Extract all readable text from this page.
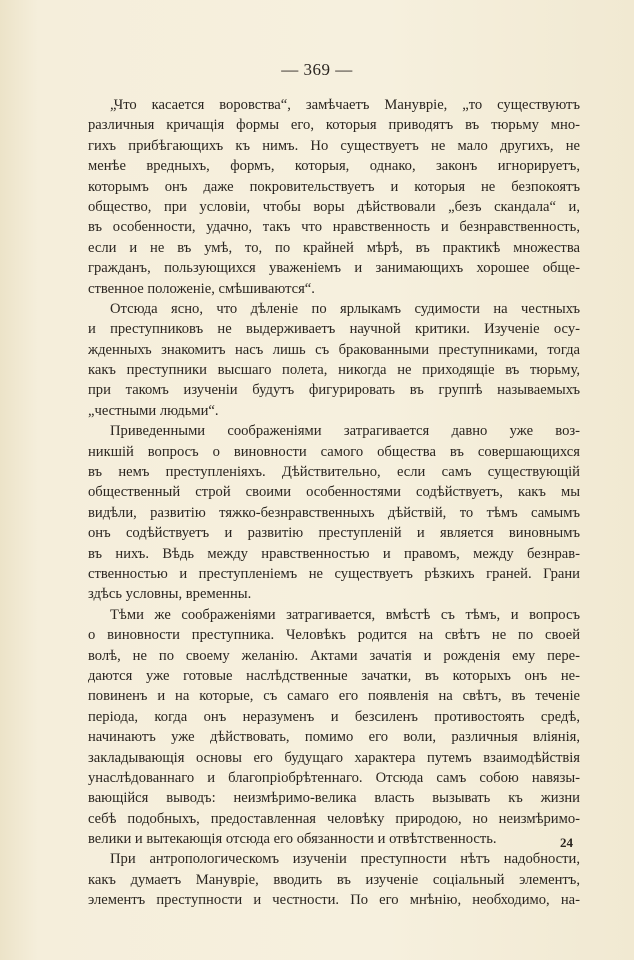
— 369 —
„Что касается воровства“, замѣчаетъ Манувріе, „то существуютъ
различныя кричащія формы его, которыя приводятъ въ тюрьму мно-
гихъ прибѣгающихъ къ нимъ. Но существуетъ не мало другихъ, не
менѣе вредныхъ, формъ, которыя, однако, законъ игнорируетъ,
которымъ онъ даже покровительствуетъ и которыя не безпокоятъ
общество, при условіи, чтобы воры дѣйствовали „безъ скандала“ и,
въ особенности, удачно, такъ что нравственность и безнравственность,
если и не въ умѣ, то, по крайней мѣрѣ, въ практикѣ множества
гражданъ, пользующихся уваженіемъ и занимающихъ хорошее обще-
ственное положеніе, смѣшиваются“.
Отсюда ясно, что дѣленіе по ярлыкамъ судимости на честныхъ
и преступниковъ не выдерживаетъ научной критики. Изученіе осу-
жденныхъ знакомитъ насъ лишь съ бракованными преступниками, тогда
какъ преступники высшаго полета, никогда не приходящіе въ тюрьму,
при такомъ изученіи будутъ фигурировать въ группѣ называемыхъ
„честными людьми“.
Приведенными соображеніями затрагивается давно уже воз-
никшій вопросъ о виновности самого общества въ совершающихся
въ немъ преступленіяхъ. Дѣйствительно, если самъ существующій
общественный строй своими особенностями содѣйствуетъ, какъ мы
видѣли, развитію тяжко-безнравственныхъ дѣйствій, то тѣмъ самымъ
онъ содѣйствуетъ и развитію преступленій и является виновнымъ
въ нихъ. Вѣдь между нравственностью и правомъ, между безнрав-
ственностью и преступленіемъ не существуетъ рѣзкихъ граней. Грани
здѣсь условны, временны.
Тѣми же соображеніями затрагивается, вмѣстѣ съ тѣмъ, и вопросъ
о виновности преступника. Человѣкъ родится на свѣтъ не по своей
волѣ, не по своему желанію. Актами зачатія и рожденія ему пере-
даются уже готовые наслѣдственные зачатки, въ которыхъ онъ не-
повиненъ и на которые, съ самаго его появленія на свѣтъ, въ теченіе
періода, когда онъ неразуменъ и безсиленъ противостоять средѣ,
начинаютъ уже дѣйствовать, помимо его воли, различныя вліянія,
закладывающія основы его будущаго характера путемъ взаимодѣйствія
унаслѣдованнаго и благопріобрѣтеннаго. Отсюда самъ собою навязы-
вающійся выводъ: неизмѣримо-велика власть вызывать къ жизни
себѣ подобныхъ, предоставленная человѣку природою, но неизмѣримо-
велики и вытекающія отсюда его обязанности и отвѣтственность.
При антропологическомъ изученіи преступности нѣтъ надобности,
какъ думаетъ Манувріе, вводить въ изученіе соціальный элементъ,
элементъ преступности и честности. По его мнѣнію, необходимо, на-
24
